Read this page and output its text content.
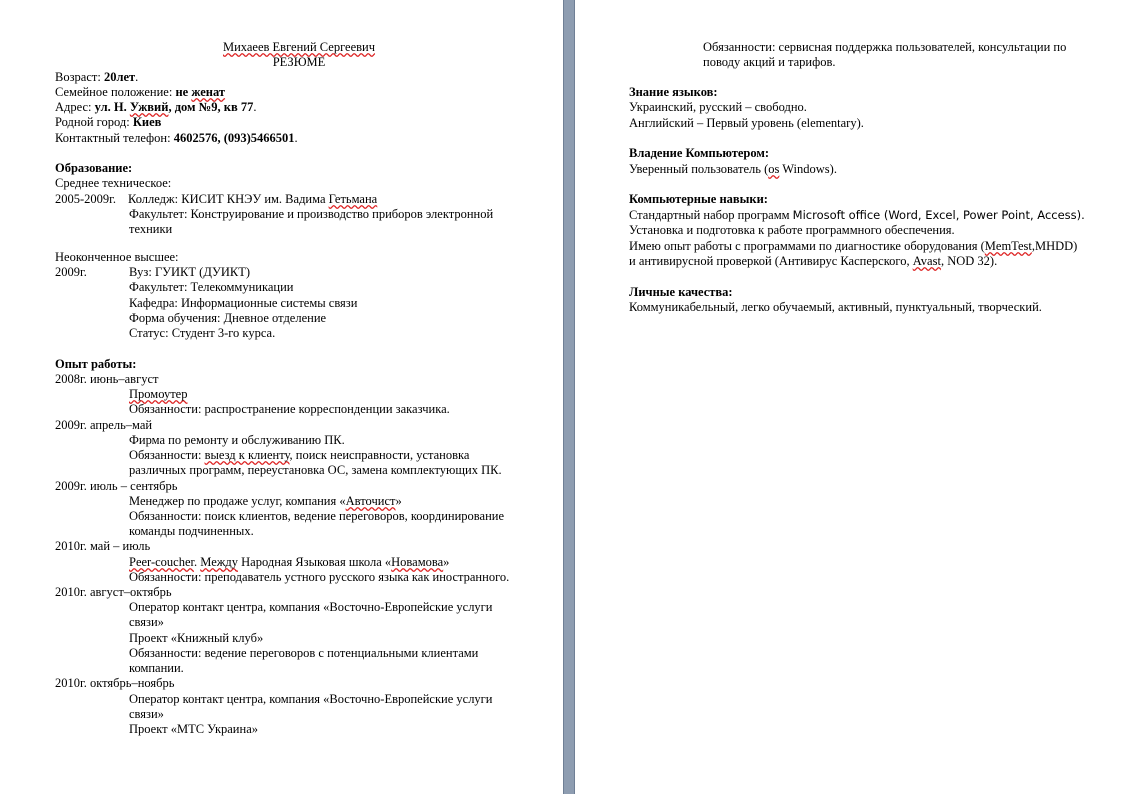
Михаеев Евгений Сергеевич
РЕЗЮМЕ
Возраст: 20лет.
Семейное положение: не женат
Адрес: ул. Н. Ужвий, дом №9, кв 77.
Родной город: Киев
Контактный телефон: 4602576, (093)5466501.
Образование:
Среднее техническое:
2005-2009г. Колледж: КИСИТ КНЭУ им. Вадима Гетьмана
Факультет: Конструирование и производство приборов электронной
техники
Неоконченное высшее:
2009г.	Вуз: ГУИКТ (ДУИКТ)
Факультет: Телекоммуникации
Кафедра: Информационные системы связи
Форма обучения: Дневное отделение
Статус: Студент 3-го курса.
Опыт работы:
2008г. июнь–август
Промоутер
Обязанности: распространение корреспонденции заказчика.
2009г. апрель–май
Фирма по ремонту и обслуживанию ПК.
Обязанности: выезд к клиенту, поиск неисправности, установка
различных программ, переустановка ОС, замена комплектующих ПК.
2009г. июль – сентябрь
Менеджер по продаже услуг, компания «Авточист»
Обязанности: поиск клиентов, ведение переговоров, координирование
команды подчиненных.
2010г. май – июль
Peer-coucher. Между Народная Языковая школа «Новамова»
Обязанности: преподаватель устного русского языка как иностранного.
2010г. август–октябрь
Оператор контакт центра, компания «Восточно-Европейские услуги
связи»
Проект «Книжный клуб»
Обязанности: ведение переговоров с потенциальными клиентами
компании.
2010г. октябрь–ноябрь
Оператор контакт центра, компания «Восточно-Европейские услуги
связи»
Проект «МТС Украина»
Обязанности: сервисная поддержка пользователей, консультации по
поводу акций и тарифов.
Знание языков:
Украинский, русский – свободно.
Английский – Первый уровень (elementary).
Владение Компьютером:
Уверенный пользователь (os Windows).
Компьютерные навыки:
Стандартный набор программ Microsoft office (Word, Excel, Power Point, Access).
Установка и подготовка к работе программного обеспечения.
Имею опыт работы с программами по диагностике оборудования (MemTest,MHDD)
и антивирусной проверкой (Антивирус Касперского, Avast, NOD 32).
Личные качества:
Коммуникабельный, легко обучаемый, активный, пунктуальный, творческий.
